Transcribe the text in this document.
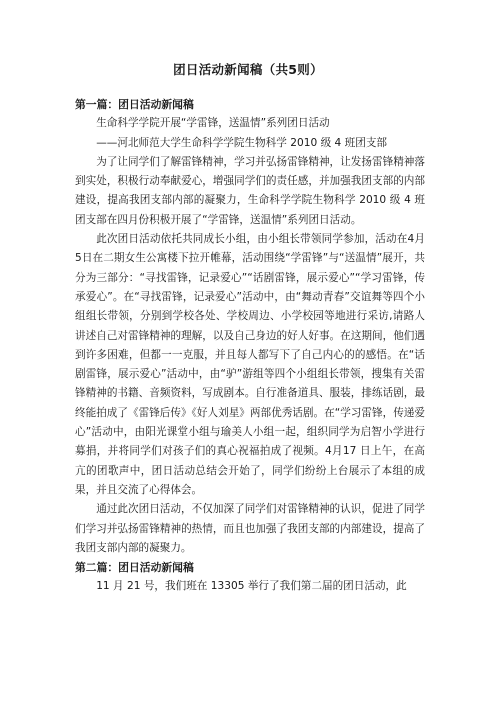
团日活动新闻稿（共5则）

第一篇：团日活动新闻稿

生命科学学院开展“学雷锋，送温情”系列团日活动

——河北师范大学生命科学学院生物科学 2010 级 4 班团支部

为了让同学们了解雷锋精神，学习并弘扬雷锋精神，让发扬雷锋精神落到实处，积极行动奉献爱心，增强同学们的责任感，并加强我团支部的内部建设，提高我团支部内部的凝聚力，生命科学学院生物科学 2010 级 4 班团支部在四月份积极开展了“学雷锋，送温情”系列团日活动。

此次团日活动依托共同成长小组，由小组长带领同学参加，活动在4月5日在二期女生公寓楼下拉开帷幕，活动围绕“学雷锋”与“送温情”展开，共分为三部分：“寻找雷锋，记录爱心”“话剧雷锋，展示爱心”“学习雷锋，传承爱心”。在“寻找雷锋，记录爱心”活动中，由“舞动青春”交谊舞等四个小组组长带领，分别到学校各处、学校周边、小学校园等地进行采访,请路人讲述自己对雷锋精神的理解，以及自己身边的好人好事。在这期间，他们遇到许多困难，但都一一克服，并且每人都写下了自己内心的的感悟。在“话剧雷锋，展示爱心”活动中，由“驴”游组等四个小组组长带领，搜集有关雷锋精神的书籍、音频资料，写成剧本。自行准备道具、服装，排练话剧，最终能拍成了《雷锋后传》《好人刘星》两部优秀话剧。在“学习雷锋，传递爱心”活动中，由阳光课堂小组与瑜美人小组一起，组织同学为启智小学进行募捐，并将同学们对孩子们的真心祝福拍成了视频。4月17 日上午，在高亢的团歌声中，团日活动总结会开始了，同学们纷纷上台展示了本组的成果，并且交流了心得体会。

通过此次团日活动，不仅加深了同学们对雷锋精神的认识，促进了同学们学习并弘扬雷锋精神的热情，而且也加强了我团支部的内部建设，提高了我团支部内部的凝聚力。

第二篇：团日活动新闻稿

11 月 21 号，我们班在 13305 举行了我们第二届的团日活动，此
